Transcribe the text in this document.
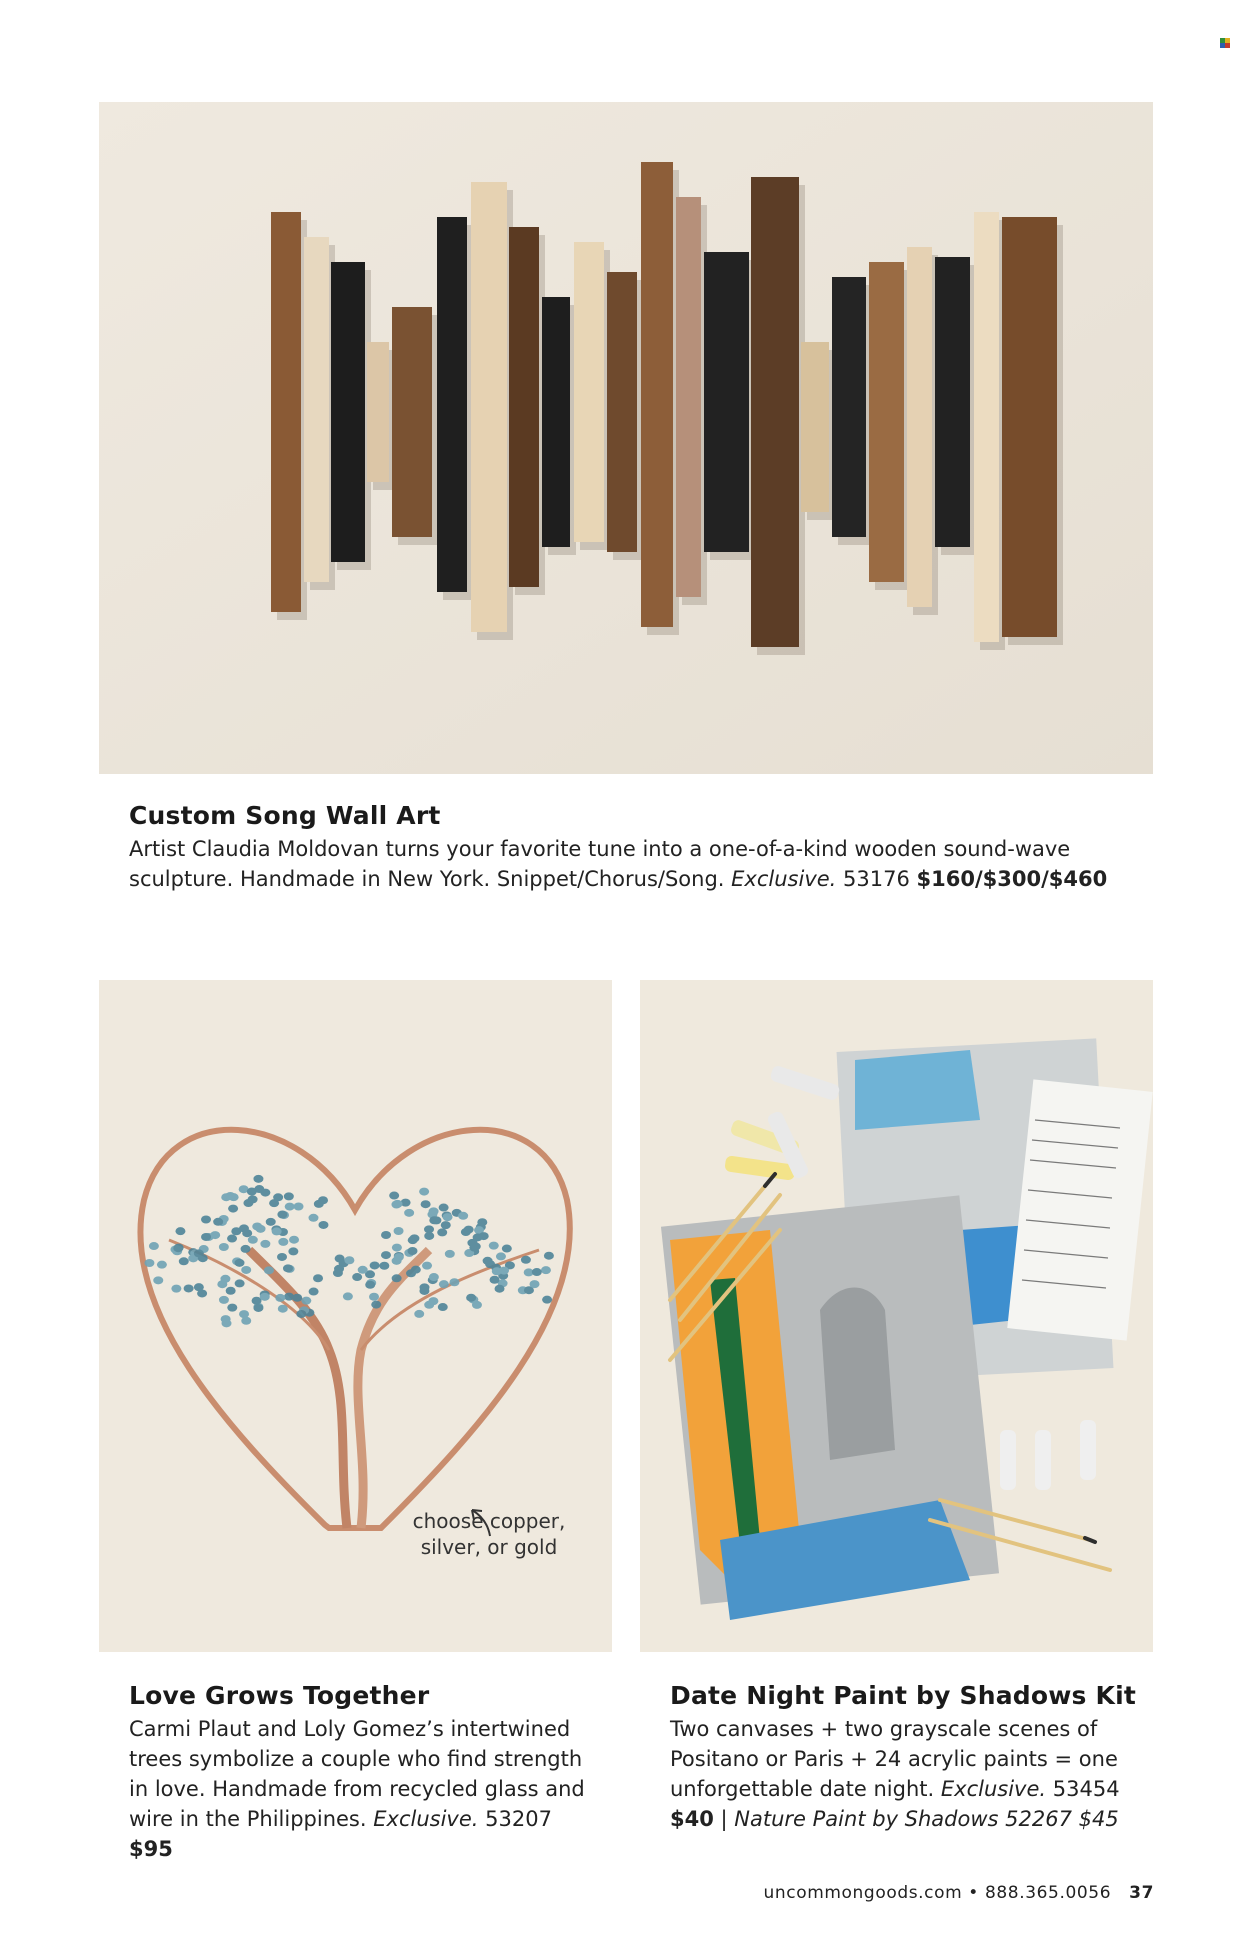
Custom Song Wall Art

Artist Claudia Moldovan turns your favorite tune into a one-of-a-kind wooden sound-wave sculpture. Handmade in New York. Snippet/Chorus/Song. Exclusive. 53176 $160/$300/$460

choose copper,
silver, or gold
Love Grows Together

Carmi Plaut and Loly Gomez’s intertwined trees symbolize a couple who find strength in love. Handmade from recycled glass and wire in the Philippines. Exclusive. 53207 $95

Date Night Paint by Shadows Kit

Two canvases + two grayscale scenes of Positano or Paris + 24 acrylic paints = one unforgettable date night. Exclusive. 53454 $40 | Nature Paint by Shadows 52267 $45

uncommongoods.com • 888.365.0056 37
